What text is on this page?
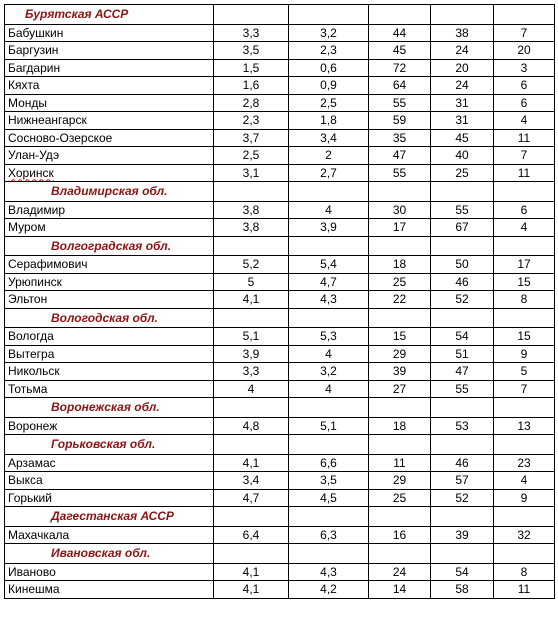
Бурятская АССР					
Бабушкин	3,3	3,2	44	38	7
Баргузин	3,5	2,3	45	24	20
Багдарин	1,5	0,6	72	20	3
Кяхта	1,6	0,9	64	24	6
Монды	2,8	2,5	55	31	6
Нижнеангарск	2,3	1,8	59	31	4
Сосново-Озерское	3,7	3,4	35	45	11
Улан-Удэ	2,5	2	47	40	7
Хоринск	3,1	2,7	55	25	11
Владимирская обл.					
Владимир	3,8	4	30	55	6
Муром	3,8	3,9	17	67	4
Волгоградская обл.					
Серафимович	5,2	5,4	18	50	17
Урюпинск	5	4,7	25	46	15
Эльтон	4,1	4,3	22	52	8
Вологодская обл.					
Вологда	5,1	5,3	15	54	15
Вытегра	3,9	4	29	51	9
Никольск	3,3	3,2	39	47	5
Тотьма	4	4	27	55	7
Воронежская обл.					
Воронеж	4,8	5,1	18	53	13
Горьковская обл.					
Арзамас	4,1	6,6	11	46	23
Выкса	3,4	3,5	29	57	4
Горький	4,7	4,5	25	52	9
Дагестанская АССР					
Махачкала	6,4	6,3	16	39	32
Ивановская обл.					
Иваново	4,1	4,3	24	54	8
Кинешма	4,1	4,2	14	58	11
